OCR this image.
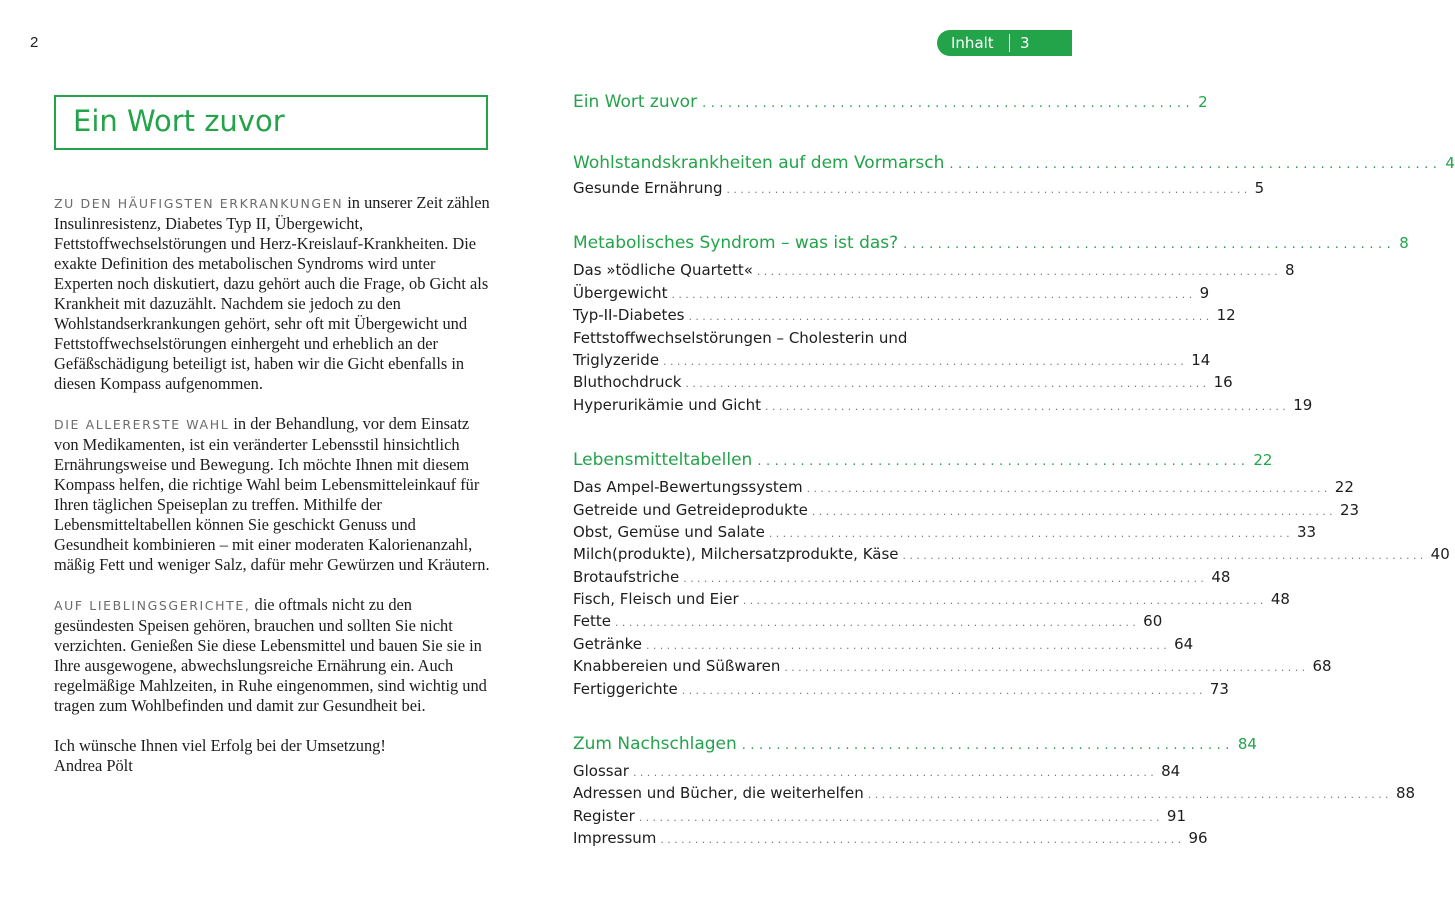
2	Inhalt 3
Ein Wort zuvor

ZU DEN HÄUFIGSTEN ERKRANKUNGEN in unserer Zeit zählen Insulinresistenz, Diabetes Typ II, Übergewicht, Fettstoffwechselstörungen und Herz-Kreislauf-Krankheiten. Die exakte Definition des metabolischen Syndroms wird unter Experten noch diskutiert, dazu gehört auch die Frage, ob Gicht als Krankheit mit dazuzählt. Nachdem sie jedoch zu den Wohlstandserkrankungen gehört, sehr oft mit Übergewicht und Fettstoffwechselstörungen einhergeht und erheblich an der Gefäßschädigung beteiligt ist, haben wir die Gicht ebenfalls in diesen Kompass aufgenommen.

DIE ALLERERSTE WAHL in der Behandlung, vor dem Einsatz von Medikamenten, ist ein veränderter Lebensstil hinsichtlich Ernährungsweise und Bewegung. Ich möchte Ihnen mit diesem Kompass helfen, die richtige Wahl beim Lebensmitteleinkauf für Ihren täglichen Speiseplan zu treffen. Mithilfe der Lebensmitteltabellen können Sie geschickt Genuss und Gesundheit kombinieren – mit einer moderaten Kalorienanzahl, mäßig Fett und weniger Salz, dafür mehr Gewürzen und Kräutern.

AUF LIEBLINGSGERICHTE, die oftmals nicht zu den gesündesten Speisen gehören, brauchen und sollten Sie nicht verzichten. Genießen Sie diese Lebensmittel und bauen Sie sie in Ihre ausgewogene, abwechslungsreiche Ernährung ein. Auch regelmäßige Mahlzeiten, in Ruhe eingenommen, sind wichtig und tragen zum Wohlbefinden und damit zur Gesundheit bei.

Ich wünsche Ihnen viel Erfolg bei der Umsetzung!
Andrea Pölt

Ein Wort zuvor ......................................................... 2
Wohlstandskrankheiten auf dem Vormarsch ......................................................... 4
Gesunde Ernährung ............................................................................ 5
Metabolisches Syndrom – was ist das? ......................................................... 8
Das »tödliche Quartett« ............................................................................ 8
Übergewicht ............................................................................ 9
Typ-II-Diabetes ............................................................................ 12
Fettstoffwechselstörungen – Cholesterin und
Triglyzeride ............................................................................ 14
Bluthochdruck ............................................................................ 16
Hyperurikämie und Gicht ............................................................................ 19
Lebensmitteltabellen ......................................................... 22
Das Ampel-Bewertungssystem ............................................................................ 22
Getreide und Getreideprodukte ............................................................................ 23
Obst, Gemüse und Salate ............................................................................ 33
Milch(produkte), Milchersatzprodukte, Käse ............................................................................ 40
Brotaufstriche ............................................................................ 48
Fisch, Fleisch und Eier ............................................................................ 48
Fette ............................................................................ 60
Getränke ............................................................................ 64
Knabbereien und Süßwaren ............................................................................ 68
Fertiggerichte ............................................................................ 73
Zum Nachschlagen ......................................................... 84
Glossar ............................................................................ 84
Adressen und Bücher, die weiterhelfen ............................................................................ 88
Register ............................................................................ 91
Impressum ............................................................................ 96
